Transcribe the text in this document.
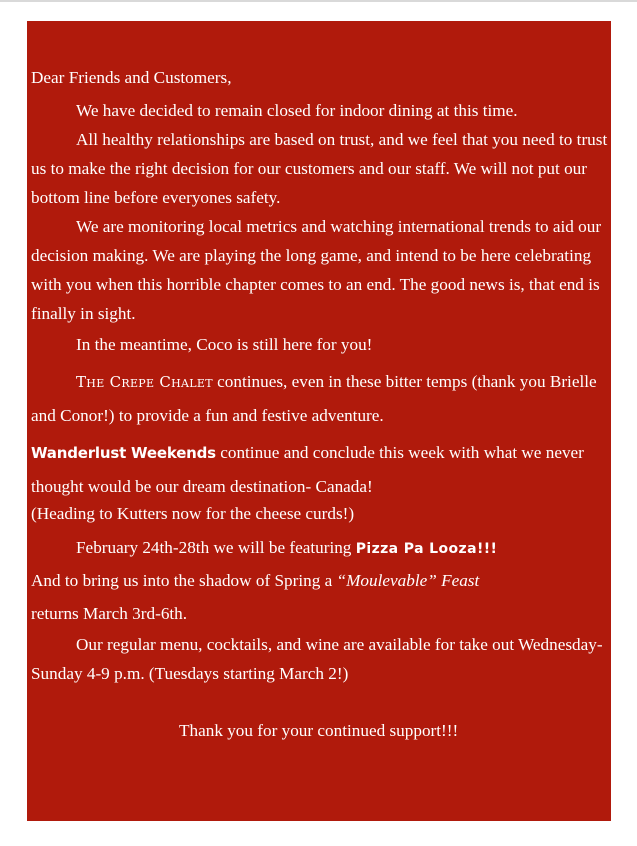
Dear Friends and Customers,

We have decided to remain closed for indoor dining at this time.

All healthy relationships are based on trust, and we feel that you need to trust us to make the right decision for our customers and our staff. We will not put our bottom line before everyones safety.

We are monitoring local metrics and watching international trends to aid our decision making. We are playing the long game, and intend to be here celebrating with you when this horrible chapter comes to an end. The good news is, that end is finally in sight.

In the meantime, Coco is still here for you!

The Crepe Chalet continues, even in these bitter temps (thank you Brielle and Conor!) to provide a fun and festive adventure.

Wanderlust Weekends continue and conclude this week with what we never thought would be our dream destination- Canada!

(Heading to Kutters now for the cheese curds!)

February 24th-28th we will be featuring Pizza Pa Looza!!!

And to bring us into the shadow of Spring a “Moulevable” Feast

returns March 3rd-6th.

Our regular menu, cocktails, and wine are available for take out Wednesday- Sunday 4-9 p.m. (Tuesdays starting March 2!)

Thank you for your continued support!!!
